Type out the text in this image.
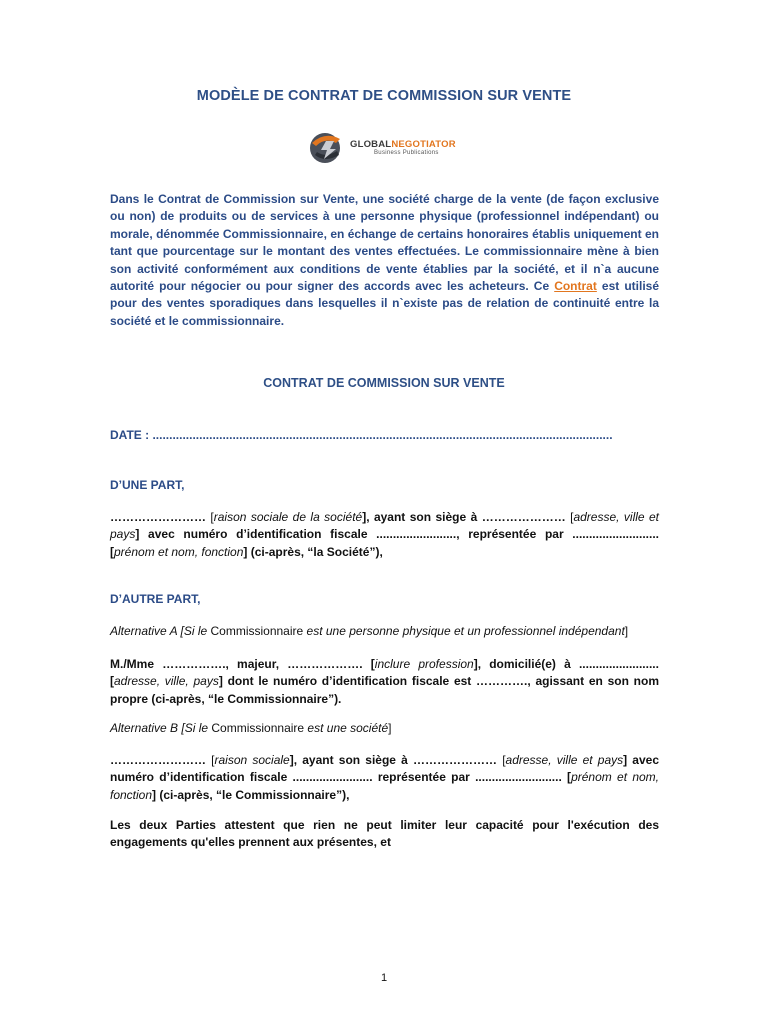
MODÈLE DE CONTRAT DE COMMISSION SUR VENTE
GLOBALNEGOTIATOR
Business Publications
Dans le Contrat de Commission sur Vente, une société charge de la vente (de façon exclusive ou non) de produits ou de services à une personne physique (professionnel indépendant) ou morale, dénommée Commissionnaire, en échange de certains honoraires établis uniquement en tant que pourcentage sur le montant des ventes effectuées. Le commissionnaire mène à bien son activité conformément aux conditions de vente établies par la société, et il n`a aucune autorité pour négocier ou pour signer des accords avec les acheteurs. Ce Contrat est utilisé pour des ventes sporadiques dans lesquelles il n`existe pas de relation de continuité entre la société et le commissionnaire.
CONTRAT DE COMMISSION SUR VENTE
DATE : ..........................................................................................................................................
D’UNE PART,
…………………… [raison sociale de la société], ayant son siège à ………………… [adresse, ville et pays] avec numéro d’identification fiscale ........................, représentée par .......................... [prénom et nom, fonction] (ci-après, “la Société”),
D’AUTRE PART,
Alternative A [Si le Commissionnaire est une personne physique et un professionnel indépendant]
M./Mme ……………., majeur, ………………. [inclure profession], domicilié(e) à ........................ [adresse, ville, pays] dont le numéro d’identification fiscale est …………., agissant en son nom propre (ci-après, “le Commissionnaire”).
Alternative B [Si le Commissionnaire est une société]
…………………… [raison sociale], ayant son siège à ………………… [adresse, ville et pays] avec numéro d’identification fiscale ........................ représentée par .......................... [prénom et nom, fonction] (ci-après, “le Commissionnaire”),
Les deux Parties attestent que rien ne peut limiter leur capacité pour l'exécution des engagements qu'elles prennent aux présentes, et
1
